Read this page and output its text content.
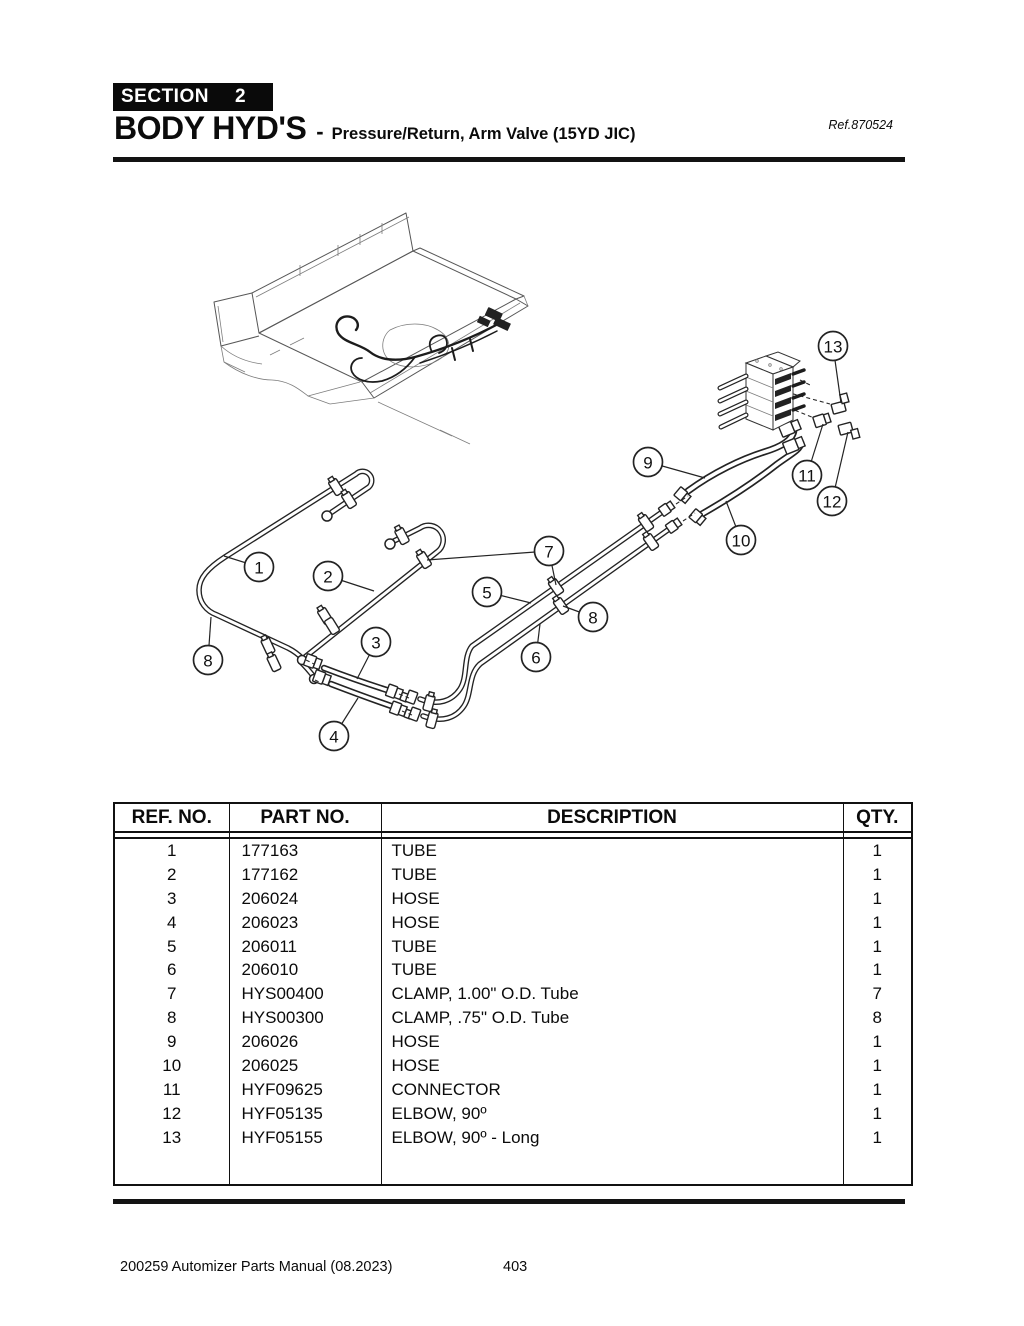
SECTION 2
BODY HYD'S - Pressure/Return, Arm Valve (15YD JIC)	Ref.870524
1	2
3
4
5
6
7
8
8
9
10
11
12
13
REF. NO.	PART NO.	DESCRIPTION	QTY.

1	177163	TUBE	1
2	177162	TUBE	1
3	206024	HOSE	1
4	206023	HOSE	1
5	206011	TUBE	1
6	206010	TUBE	1
7	HYS00400	CLAMP, 1.00" O.D. Tube	7
8	HYS00300	CLAMP, .75" O.D. Tube	8
9	206026	HOSE	1
10	206025	HOSE	1
11	HYF09625	CONNECTOR	1
12	HYF05135	ELBOW, 90º	1
13	HYF05155	ELBOW, 90º - Long	1

200259 Automizer Parts Manual (08.2023)	403
